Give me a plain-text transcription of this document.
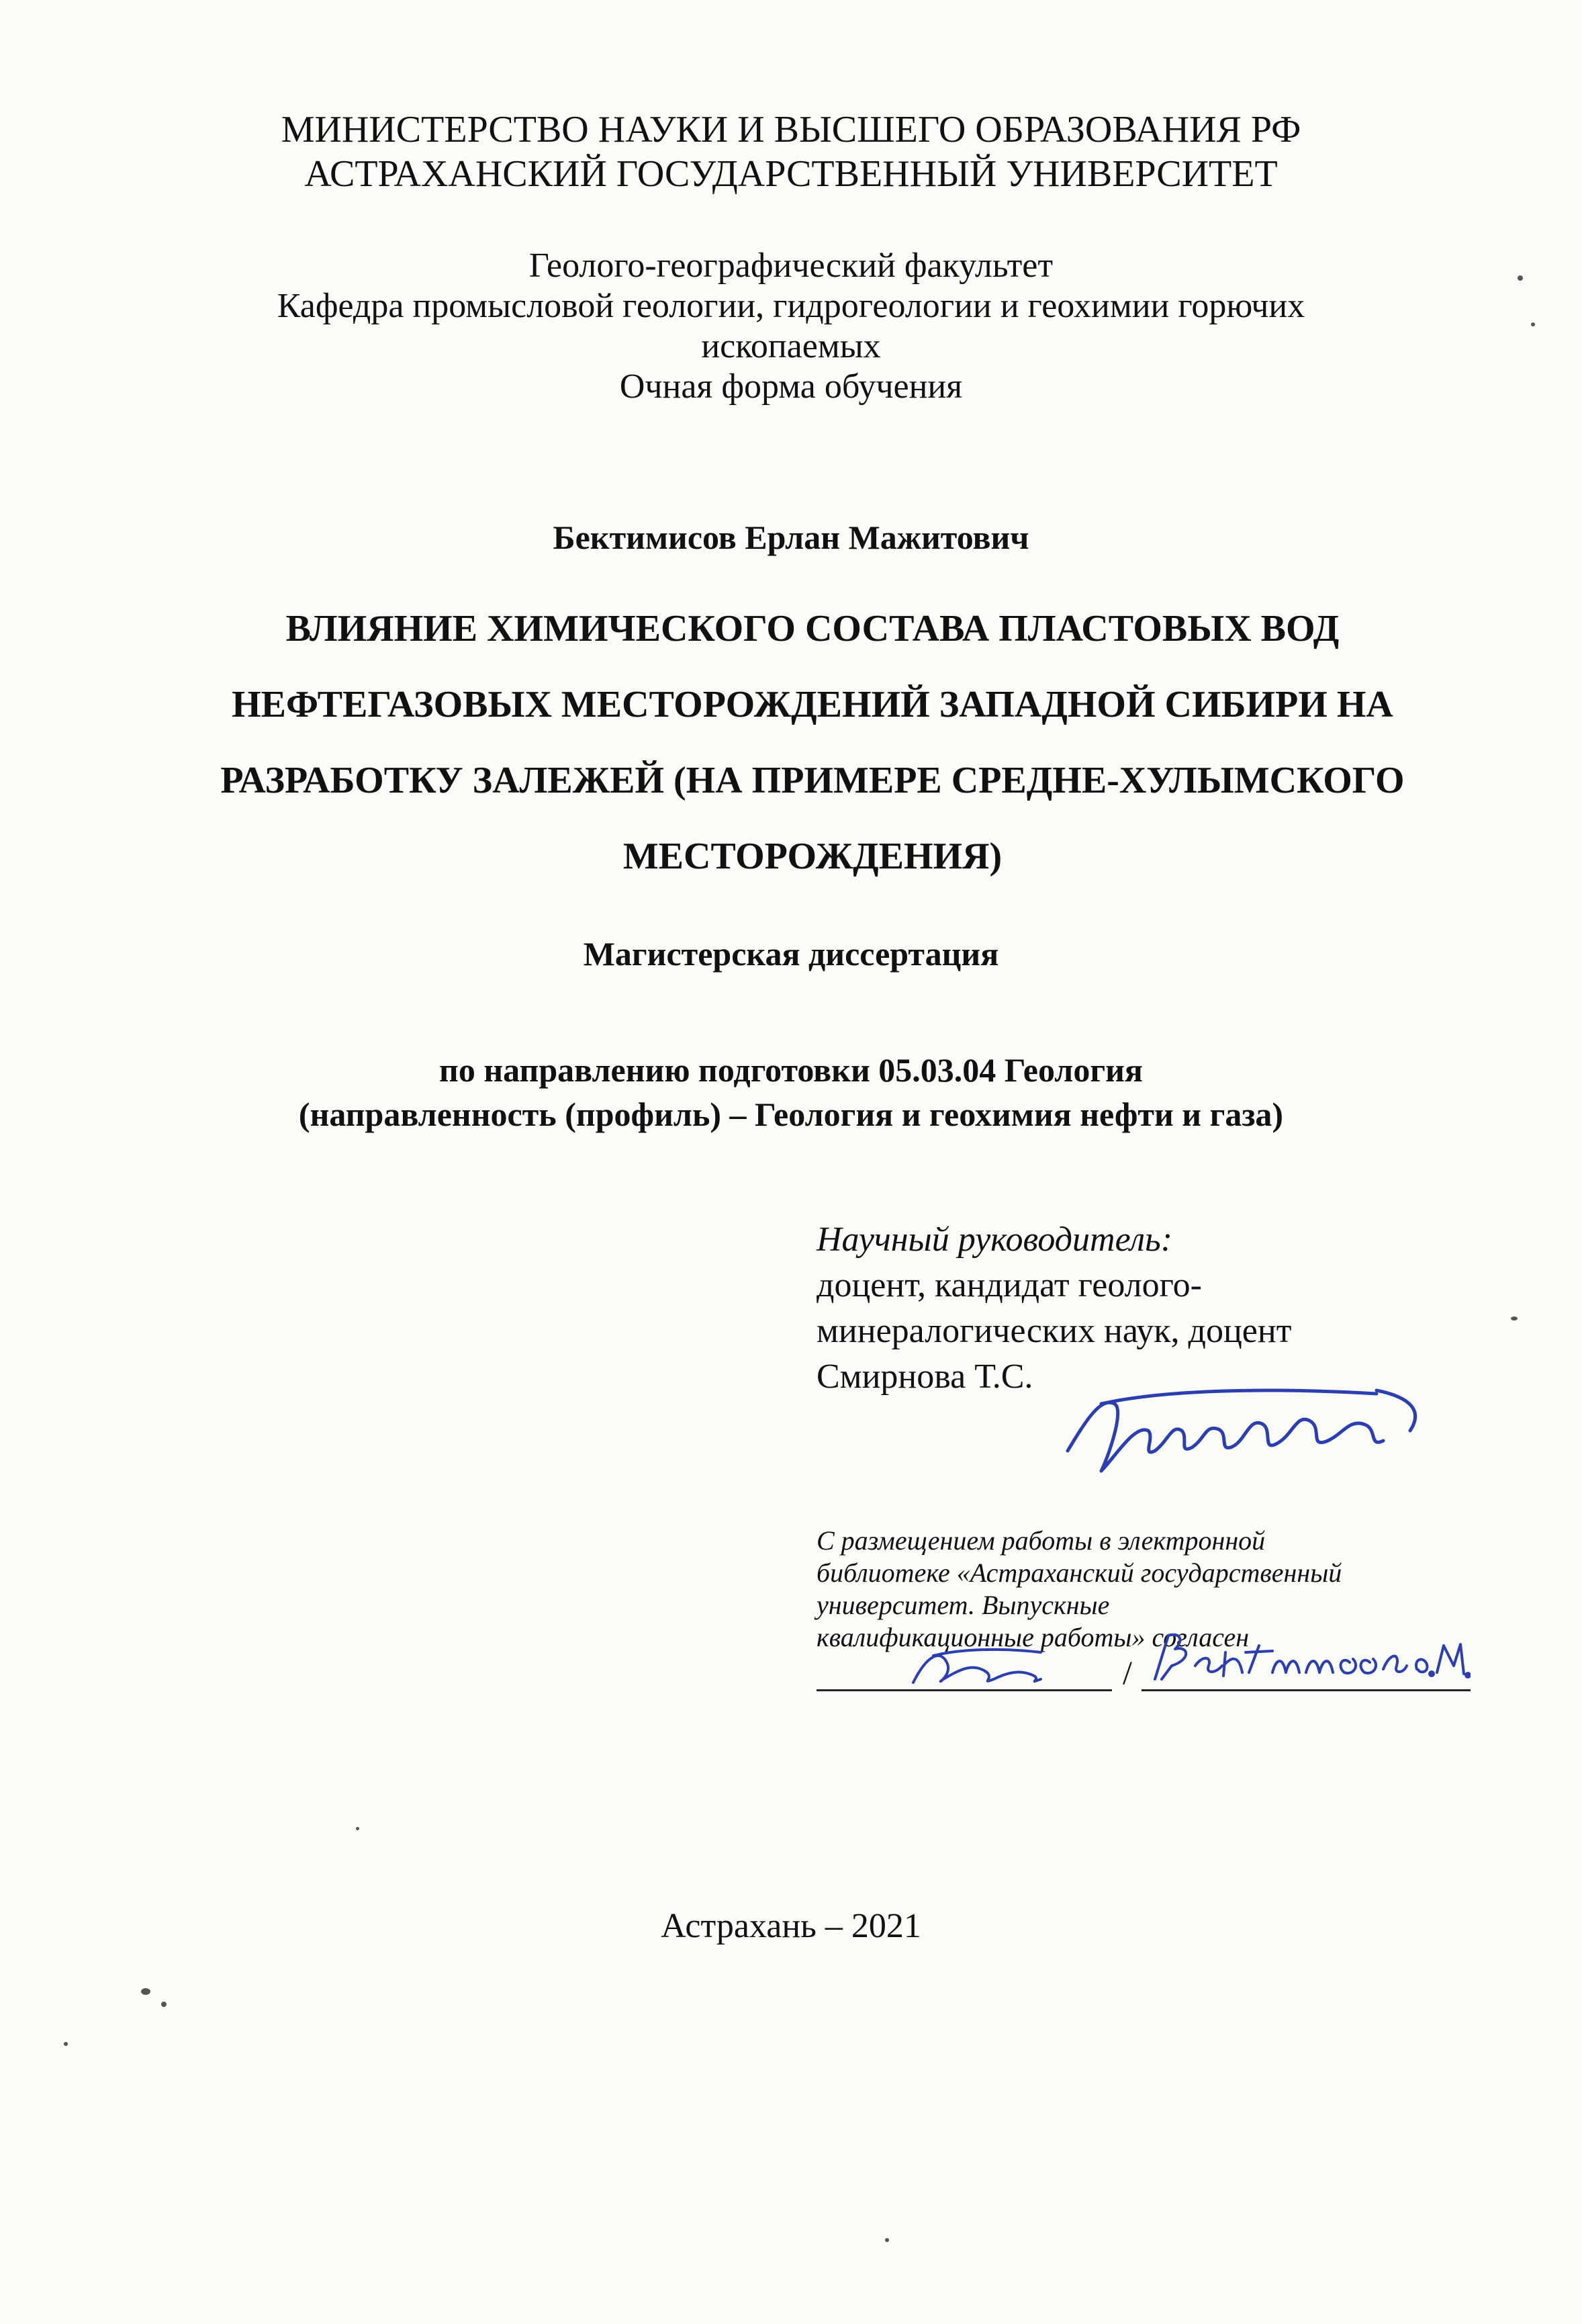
МИНИСТЕРСТВО НАУКИ И ВЫСШЕГО ОБРАЗОВАНИЯ РФ
АСТРАХАНСКИЙ ГОСУДАРСТВЕННЫЙ УНИВЕРСИТЕТ
Геолого-географический факультет
Кафедра промысловой геологии, гидрогеологии и геохимии горючих
ископаемых
Очная форма обучения
Бектимисов Ерлан Мажитович
ВЛИЯНИЕ ХИМИЧЕСКОГО СОСТАВА ПЛАСТОВЫХ ВОД
НЕФТЕГАЗОВЫХ МЕСТОРОЖДЕНИЙ ЗАПАДНОЙ СИБИРИ НА
РАЗРАБОТКУ ЗАЛЕЖЕЙ (НА ПРИМЕРЕ СРЕДНЕ-ХУЛЫМСКОГО
МЕСТОРОЖДЕНИЯ)
Магистерская диссертация
по направлению подготовки 05.03.04 Геология
(направленность (профиль) – Геология и геохимия нефти и газа)
Научный руководитель:
доцент, кандидат геолого-
минералогических наук, доцент
Смирнова Т.С.
С размещением работы в электронной
библиотеке «Астраханский государственный
университет. Выпускные
квалификационные работы» согласен
/
Астрахань – 2021
